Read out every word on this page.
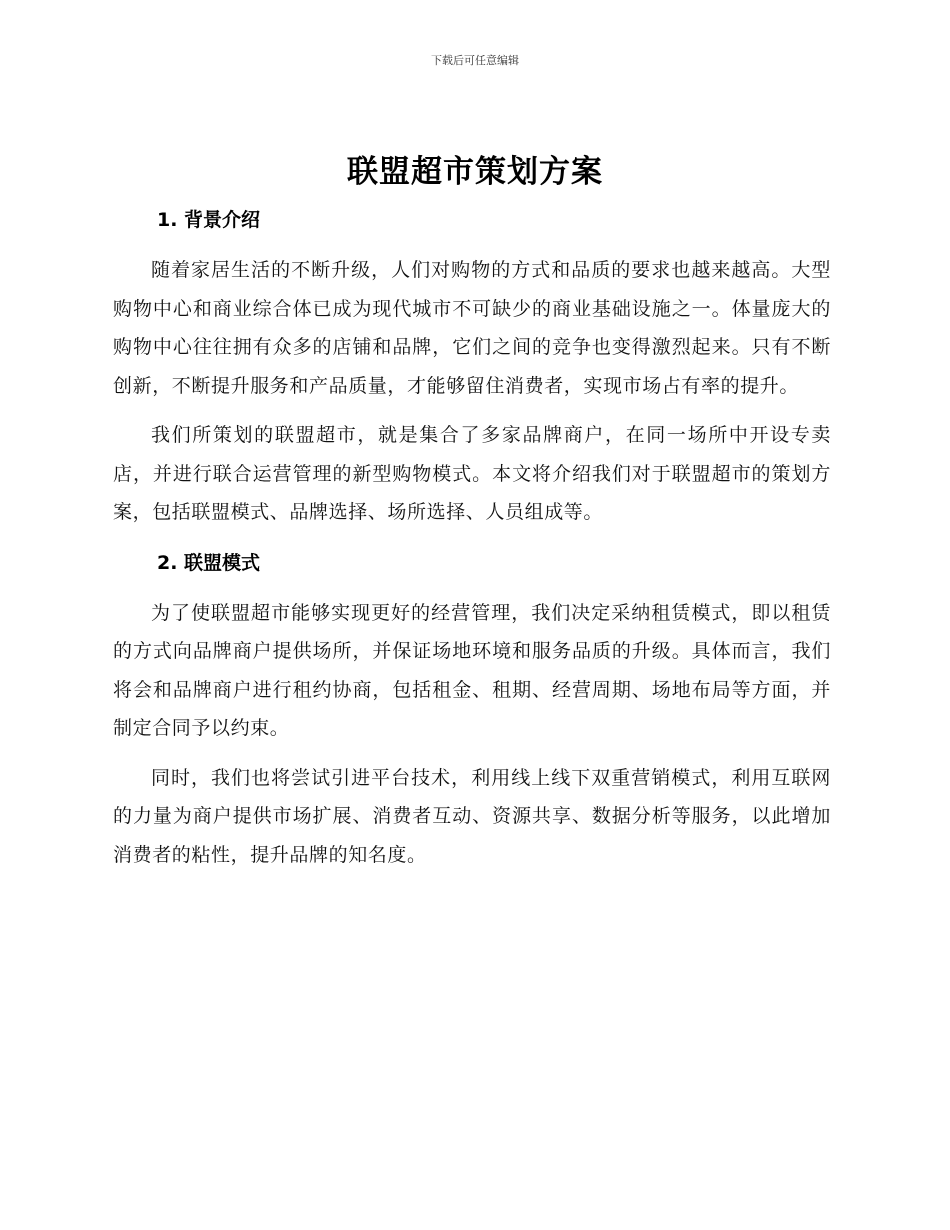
下载后可任意编辑
联盟超市策划方案
1. 背景介绍

随着家居生活的不断升级，人们对购物的方式和品质的要求也越来越高。大型购物中心和商业综合体已成为现代城市不可缺少的商业基础设施之一。体量庞大的购物中心往往拥有众多的店铺和品牌，它们之间的竞争也变得激烈起来。只有不断创新，不断提升服务和产品质量，才能够留住消费者，实现市场占有率的提升。

我们所策划的联盟超市，就是集合了多家品牌商户，在同一场所中开设专卖店，并进行联合运营管理的新型购物模式。本文将介绍我们对于联盟超市的策划方案，包括联盟模式、品牌选择、场所选择、人员组成等。

2. 联盟模式

为了使联盟超市能够实现更好的经营管理，我们决定采纳租赁模式，即以租赁的方式向品牌商户提供场所，并保证场地环境和服务品质的升级。具体而言，我们将会和品牌商户进行租约协商，包括租金、租期、经营周期、场地布局等方面，并制定合同予以约束。

同时，我们也将尝试引进平台技术，利用线上线下双重营销模式，利用互联网的力量为商户提供市场扩展、消费者互动、资源共享、数据分析等服务，以此增加消费者的粘性，提升品牌的知名度。
